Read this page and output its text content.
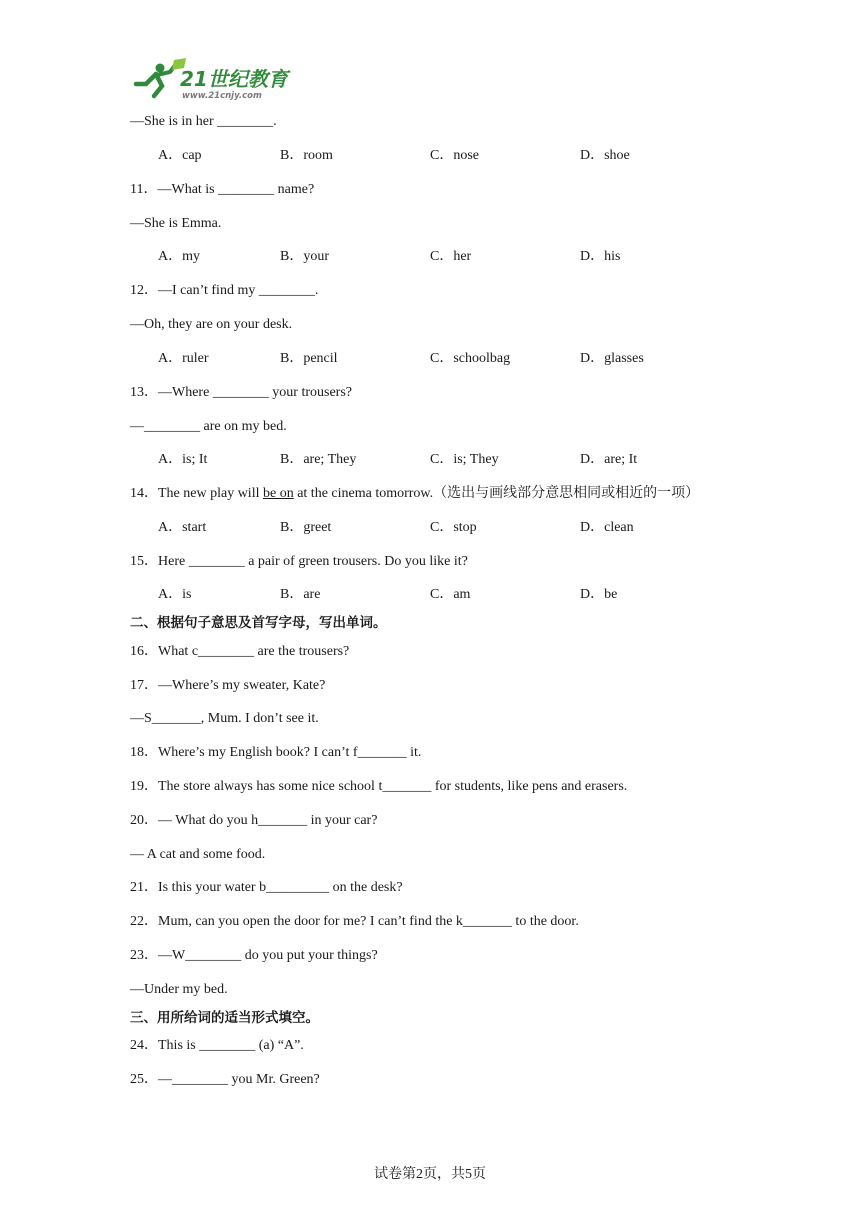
21世纪教育
www.21cnjy.com
—She is in her ________.
A．cap	B．room	C．nose	D．shoe
11．—What is ________ name?
—She is Emma.
A．my	B．your	C．her	D．his
12．—I can’t find my ________.
—Oh, they are on your desk.
A．ruler	B．pencil	C．schoolbag	D．glasses
13．—Where ________ your trousers?
—________ are on my bed.
A．is; It	B．are; They	C．is; They	D．are; It
14．The new play will be on at the cinema tomorrow.（选出与画线部分意思相同或相近的一项）
A．start	B．greet	C．stop	D．clean
15．Here ________ a pair of green trousers. Do you like it?
A．is	B．are	C．am	D．be
二、根据句子意思及首写字母，写出单词。
16．What c________ are the trousers?
17．—Where’s my sweater, Kate?
—S_______, Mum. I don’t see it.
18．Where’s my English book? I can’t f_______ it.
19．The store always has some nice school t_______ for students, like pens and erasers.
20．— What do you h_______ in your car?
— A cat and some food.
21．Is this your water b_________ on the desk?
22．Mum, can you open the door for me? I can’t find the k_______ to the door.
23．—W________ do you put your things?
—Under my bed.
三、用所给词的适当形式填空。
24．This is ________ (a) “A”.
25．—________ you Mr. Green?
试卷第2页，共5页
